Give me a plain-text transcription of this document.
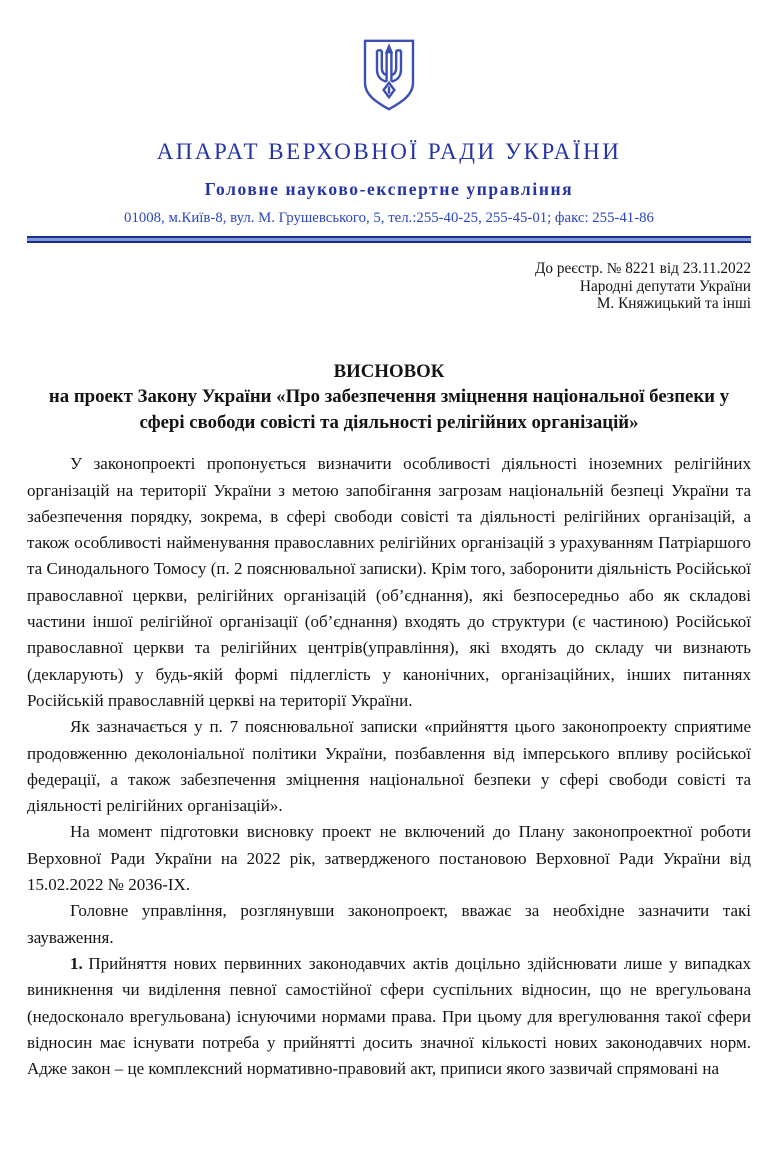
АПАРАТ ВЕРХОВНОЇ РАДИ УКРАЇНИ
Головне науково-експертне управління
01008, м.Київ-8, вул. М. Грушевського, 5, тел.:255-40-25, 255-45-01; факс: 255-41-86
До реєстр. № 8221 від 23.11.2022
Народні депутати України
М. Княжицький та інші
ВИСНОВОК
на проект Закону України «Про забезпечення зміцнення національної безпеки у сфері свободи совісті та діяльності релігійних організацій»

У законопроекті пропонується визначити особливості діяльності іноземних релігійних організацій на території України з метою запобігання загрозам національній безпеці України та забезпечення порядку, зокрема, в сфері свободи совісті та діяльності релігійних організацій, а також особливості найменування православних релігійних організацій з урахуванням Патріаршого та Синодального Томосу (п. 2 пояснювальної записки). Крім того, заборонити діяльність Російської православної церкви, релігійних організацій (об’єднання), які безпосередньо або як складові частини іншої релігійної організації (об’єднання) входять до структури (є частиною) Російської православної церкви та релігійних центрів(управління), які входять до складу чи визнають (декларують) у будь-якій формі підлеглість у канонічних, організаційних, інших питаннях Російській православній церкві на території України.

Як зазначається у п. 7 пояснювальної записки «прийняття цього законопроекту сприятиме продовженню деколоніальної політики України, позбавлення від імперського впливу російської федерації, а також забезпечення зміцнення національної безпеки у сфері свободи совісті та діяльності релігійних організацій».

На момент підготовки висновку проект не включений до Плану законопроектної роботи Верховної Ради України на 2022 рік, затвердженого постановою Верховної Ради України від 15.02.2022 № 2036-IX.

Головне управління, розглянувши законопроект, вважає за необхідне зазначити такі зауваження.

1. Прийняття нових первинних законодавчих актів доцільно здійснювати лише у випадках виникнення чи виділення певної самостійної сфери суспільних відносин, що не врегульована (недосконало врегульована) існуючими нормами права. При цьому для врегулювання такої сфери відносин має існувати потреба у прийнятті досить значної кількості нових законодавчих норм. Адже закон – це комплексний нормативно-правовий акт, приписи якого зазвичай спрямовані на
